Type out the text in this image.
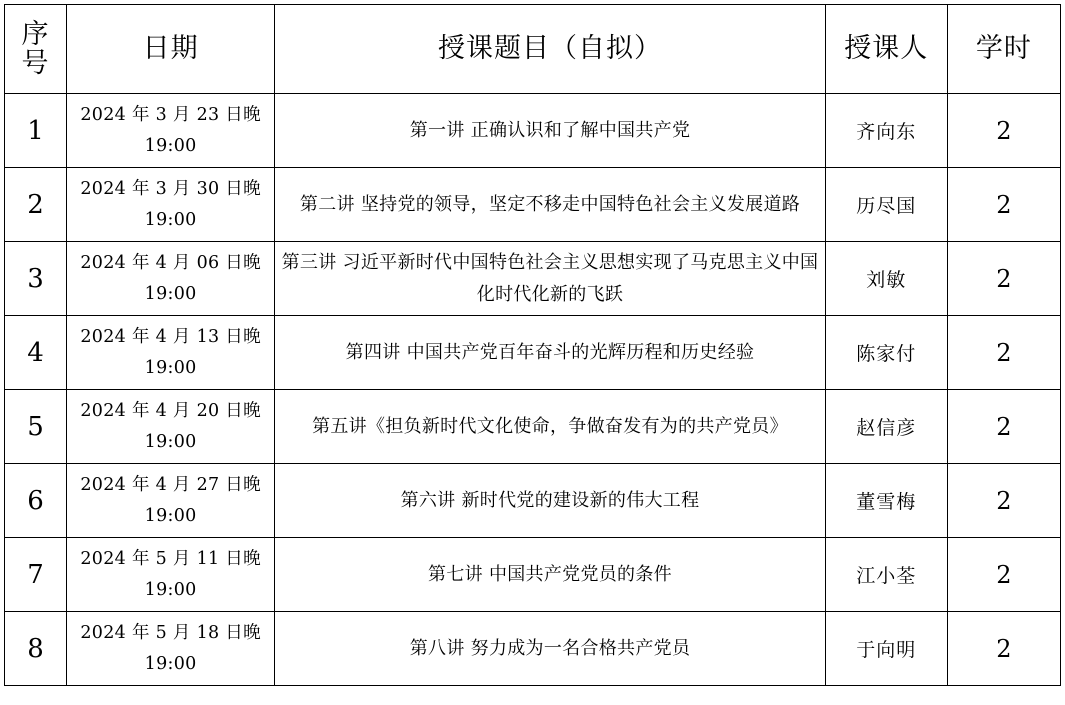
序号	日期	授课题目（自拟）	授课人	学时
1	2024 年 3 月 23 日晚 19:00	第一讲 正确认识和了解中国共产党	齐向东	2
2	2024 年 3 月 30 日晚 19:00	第二讲 坚持党的领导，坚定不移走中国特色社会主义发展道路	历尽国	2
3	2024 年 4 月 06 日晚 19:00	第三讲 习近平新时代中国特色社会主义思想实现了马克思主义中国化时代化新的飞跃	刘敏	2
4	2024 年 4 月 13 日晚 19:00	第四讲 中国共产党百年奋斗的光辉历程和历史经验	陈家付	2
5	2024 年 4 月 20 日晚 19:00	第五讲《担负新时代文化使命，争做奋发有为的共产党员》	赵信彦	2
6	2024 年 4 月 27 日晚 19:00	第六讲 新时代党的建设新的伟大工程	董雪梅	2
7	2024 年 5 月 11 日晚 19:00	第七讲 中国共产党党员的条件	江小荃	2
8	2024 年 5 月 18 日晚 19:00	第八讲 努力成为一名合格共产党员	于向明	2
